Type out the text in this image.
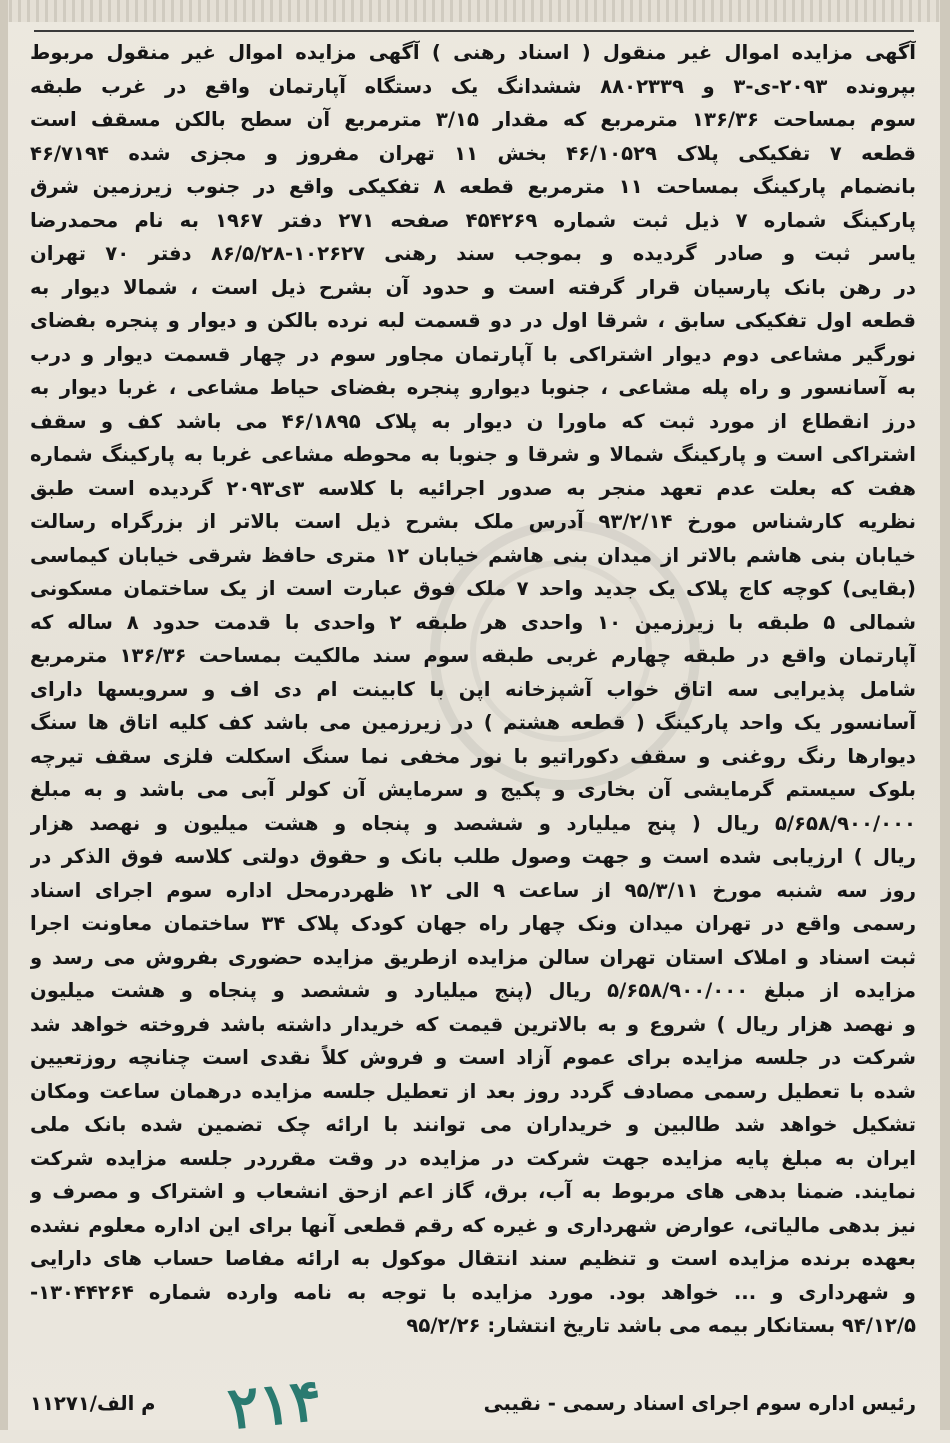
آگهی مزایده اموال غیر منقول ( اسناد رهنی ) آگهی مزایده اموال غیر منقول مربوط
بپرونده ۲۰۹۳-ی-۳ و ۸۸۰۲۳۳۹ ششدانگ یک دستگاه آپارتمان واقع در غرب طبقه
سوم بمساحت ۱۳۶/۳۶ مترمربع که مقدار ۳/۱۵ مترمربع آن سطح بالکن مسقف است
قطعه ۷ تفکیکی پلاک ۴۶/۱۰۵۲۹ بخش ۱۱ تهران مفروز و مجزی شده ۴۶/۷۱۹۴
بانضمام پارکینگ بمساحت ۱۱ مترمربع قطعه ۸ تفکیکی واقع در جنوب زیرزمین شرق
پارکینگ شماره ۷ ذیل ثبت شماره ۴۵۴۲۶۹ صفحه ۲۷۱ دفتر ۱۹۶۷ به نام محمدرضا
یاسر ثبت و صادر گردیده و بموجب سند رهنی ۱۰۲۶۲۷-۸۶/۵/۲۸ دفتر ۷۰ تهران
در رهن بانک پارسیان قرار گرفته است و حدود آن بشرح ذیل است ، شمالا دیوار به
قطعه اول تفکیکی سابق ، شرقا اول در دو قسمت لبه نرده بالکن و دیوار و پنجره بفضای
نورگیر مشاعی دوم دیوار اشتراکی با آپارتمان مجاور سوم در چهار قسمت دیوار و درب
به آسانسور و راه پله مشاعی ، جنوبا دیوارو پنجره بفضای حیاط مشاعی ، غربا دیوار به
درز انقطاع از مورد ثبت که ماورا ن دیوار به پلاک ۴۶/۱۸۹۵ می باشد کف و سقف
اشتراکی است و پارکینگ شمالا و شرقا و جنوبا به محوطه مشاعی غربا به پارکینگ شماره
هفت که بعلت عدم تعهد منجر به صدور اجرائیه با کلاسه ۳ی۲۰۹۳ گردیده است طبق
نظریه کارشناس مورخ ۹۳/۲/۱۴ آدرس ملک بشرح ذیل است بالاتر از بزرگراه رسالت
خیابان بنی هاشم بالاتر از میدان بنی هاشم خیابان ۱۲ متری حافظ شرقی خیابان کیماسی
(بقایی) کوچه کاج پلاک یک جدید واحد ۷ ملک فوق عبارت است از یک ساختمان مسکونی
شمالی ۵ طبقه با زیرزمین ۱۰ واحدی هر طبقه ۲ واحدی با قدمت حدود ۸ ساله که
آپارتمان واقع در طبقه چهارم غربی طبقه سوم سند مالکیت بمساحت ۱۳۶/۳۶ مترمربع
شامل پذیرایی سه اتاق خواب آشپزخانه اپن با کابینت ام دی اف و سرویسها دارای
آسانسور یک واحد پارکینگ ( قطعه هشتم ) در زیرزمین می باشد کف کلیه اتاق ها سنگ
دیوارها رنگ روغنی و سقف دکوراتیو با نور مخفی نما سنگ اسکلت فلزی سقف تیرچه
بلوک سیستم گرمایشی آن بخاری و پکیج و سرمایش آن کولر آبی می باشد و به مبلغ
۵/۶۵۸/۹۰۰/۰۰۰ ریال ( پنج میلیارد و ششصد و پنجاه و هشت میلیون و نهصد هزار
ریال ) ارزیابی شده است و جهت وصول طلب بانک و حقوق دولتی کلاسه فوق الذکر در
روز سه شنبه مورخ ۹۵/۳/۱۱ از ساعت ۹ الی ۱۲ ظهردرمحل اداره سوم اجرای اسناد
رسمی واقع در تهران میدان ونک چهار راه جهان کودک پلاک ۳۴ ساختمان معاونت اجرا
ثبت اسناد و املاک استان تهران سالن مزایده ازطریق مزایده حضوری بفروش می رسد و
مزایده از مبلغ ۵/۶۵۸/۹۰۰/۰۰۰ ریال (پنج میلیارد و ششصد و پنجاه و هشت میلیون
و نهصد هزار ریال ) شروع و به بالاترین قیمت که خریدار داشته باشد فروخته خواهد شد
شرکت در جلسه مزایده برای عموم آزاد است و فروش کلاً نقدی است چنانچه روزتعیین
شده با تعطیل رسمی مصادف گردد روز بعد از تعطیل جلسه مزایده درهمان ساعت ومکان
تشکیل خواهد شد طالبین و خریداران می توانند با ارائه چک تضمین شده بانک ملی
ایران به مبلغ پایه مزایده جهت شرکت در مزایده در وقت مقرردر جلسه مزایده شرکت
نمایند. ضمنا بدهی های مربوط به آب، برق، گاز اعم ازحق انشعاب و اشتراک و مصرف و
نیز بدهی مالیاتی، عوارض شهرداری و غیره که رقم قطعی آنها برای این اداره معلوم نشده
بعهده برنده مزایده است و تنظیم سند انتقال موکول به ارائه مفاصا حساب های دارایی
و شهرداری و ... خواهد بود. مورد مزایده با توجه به نامه وارده شماره ۱۳۰۴۴۲۶۴-
۹۴/۱۲/۵ بستانکار بیمه می باشد تاریخ انتشار: ۹۵/۲/۲۶
رئیس اداره سوم اجرای اسناد رسمی - نقیبی
۱۱۲۷۱/م الف ۲۱۴
